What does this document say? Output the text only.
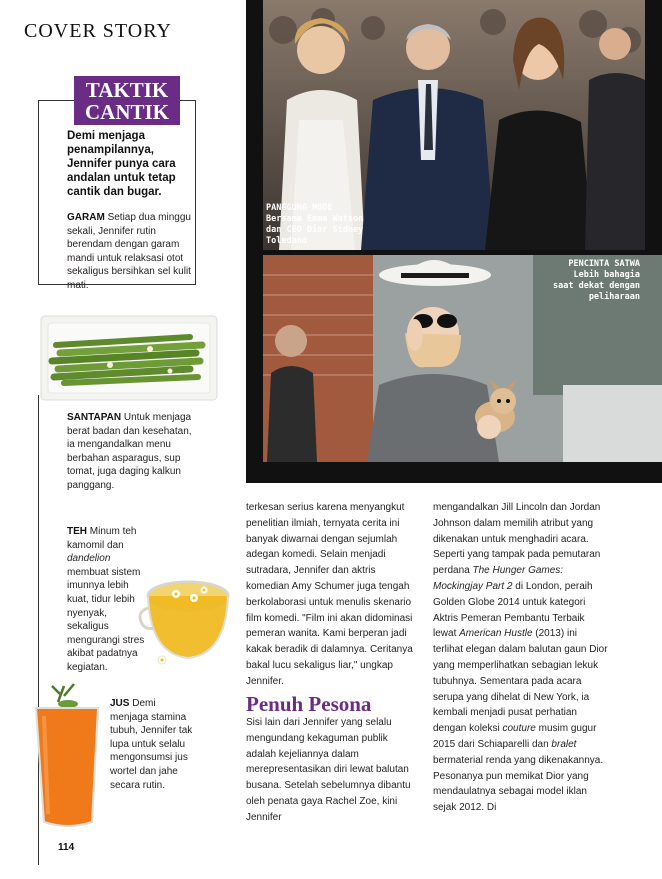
COVER STORY
TAKTIK
CANTIK
Demi menjaga penampilannya, Jennifer punya cara andalan untuk tetap cantik dan bugar.
GARAM Setiap dua minggu sekali, Jennifer rutin berendam dengan garam mandi untuk relaksasi otot sekaligus bersihkan sel kulit mati.
SANTAPAN Untuk menjaga berat badan dan kesehatan, ia mengandalkan menu berbahan asparagus, sup tomat, juga daging kalkun panggang.
TEH Minum teh kamomil dan dandelion membuat sistem imunnya lebih kuat, tidur lebih nyenyak, sekaligus mengurangi stres akibat padatnya kegiatan.
JUS Demi menjaga stamina tubuh, Jennifer tak lupa untuk selalu mengonsumsi jus wortel dan jahe secara rutin.
PANGGUNG MODE
Bersama Emma Watson dan CEO Dior Sidney Toledano
PENCINTA SATWA
Lebih bahagia saat dekat dengan peliharaan
terkesan serius karena menyangkut penelitian ilmiah, ternyata cerita ini banyak diwarnai dengan sejumlah adegan komedi. Selain menjadi sutradara, Jennifer dan aktris komedian Amy Schumer juga tengah berkolaborasi untuk menulis skenario film komedi. "Film ini akan didominasi pemeran wanita. Kami berperan jadi kakak beradik di dalamnya. Ceritanya bakal lucu sekaligus liar," ungkap Jennifer.
Penuh Pesona
Sisi lain dari Jennifer yang selalu mengundang kekaguman publik adalah kejeliannya dalam merepresentasikan diri lewat balutan busana. Setelah sebelumnya dibantu oleh penata gaya Rachel Zoe, kini Jennifer
mengandalkan Jill Lincoln dan Jordan Johnson dalam memilih atribut yang dikenakan untuk menghadiri acara. Seperti yang tampak pada pemutaran perdana The Hunger Games: Mockingjay Part 2 di London, peraih Golden Globe 2014 untuk kategori Aktris Pemeran Pembantu Terbaik lewat American Hustle (2013) ini terlihat elegan dalam balutan gaun Dior yang memperlihatkan sebagian lekuk tubuhnya. Sementara pada acara serupa yang dihelat di New York, ia kembali menjadi pusat perhatian dengan koleksi couture musim gugur 2015 dari Schiaparelli dan bralet bermaterial renda yang dikenakannya. Pesonanya pun memikat Dior yang mendaulatnya sebagai model iklan sejak 2012. Di
114
